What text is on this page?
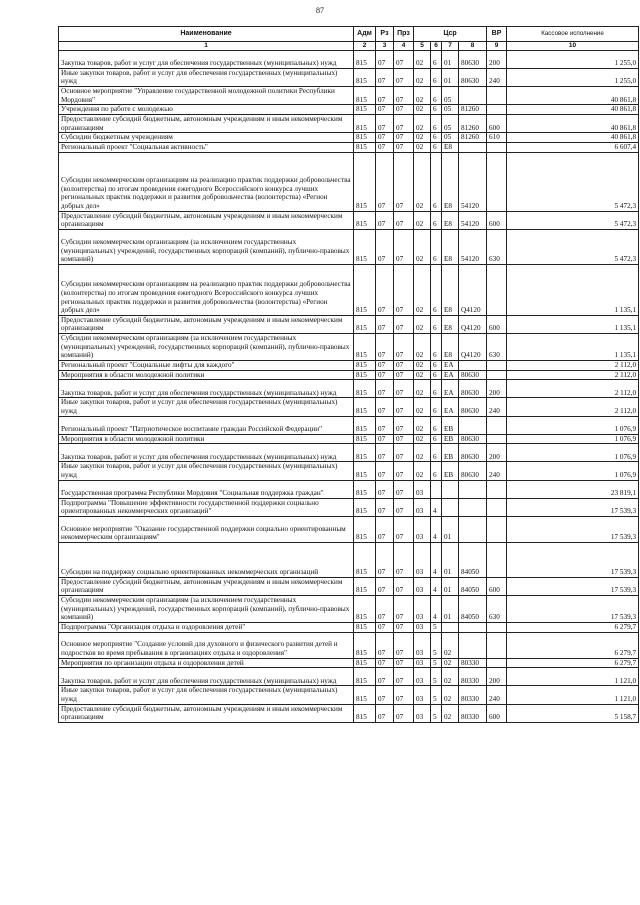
87
Наименование	Адм	Рз	Прз	Цср				ВР	Кассовое исполнение
1	2	3	4	5	6	7	8	9	10
Закупка товаров, работ и услуг для обеспечения государственных (муниципальных) нужд	815	07	07	02	6	01	80630	200	1 255,0
Иные закупки товаров, работ и услуг для обеспечения государственных (муниципальных) нужд	815	07	07	02	6	01	80630	240	1 255,0
Основное мероприятие "Управление государственной молодежной политики Республики Мордовия"	815	07	07	02	6	05			40 861,8
Учреждения по работе с молодежью	815	07	07	02	6	05	81260		40 861,8
Предоставление субсидий бюджетным, автономным учреждениям и иным некоммерческим организациям	815	07	07	02	6	05	81260	600	40 861,8
Субсидии бюджетным учреждениям	815	07	07	02	6	05	81260	610	40 861,8
Региональный проект "Социальная активность"	815	07	07	02	6	E8			6 607,4
Субсидии некоммерческим организациям на реализацию практик поддержки добровольчества (волонтерства) по итогам проведения ежегодного Всероссийского конкурса лучших региональных практик поддержки и развития добровольчества (волонтерства) «Регион добрых дел»	815	07	07	02	6	E8	54120		5 472,3
Предоставление субсидий бюджетным, автономным учреждениям и иным некоммерческим организациям	815	07	07	02	6	E8	54120	600	5 472,3
Субсидии некоммерческим организациям (за исключением государственных (муниципальных) учреждений, государственных корпораций (компаний), публично-правовых компаний)	815	07	07	02	6	E8	54120	630	5 472,3
Субсидии некоммерческим организациям на реализацию практик поддержки добровольчества (волонтерства) по итогам проведения ежегодного Всероссийского конкурса лучших региональных практик поддержки и развития добровольчества (волонтерства) «Регион добрых дел»	815	07	07	02	6	E8	Q4120		1 135,1
Предоставление субсидий бюджетным, автономным учреждениям и иным некоммерческим организациям	815	07	07	02	6	E8	Q4120	600	1 135,1
Субсидии некоммерческим организациям (за исключением государственных (муниципальных) учреждений, государственных корпораций (компаний), публично-правовых компаний)	815	07	07	02	6	E8	Q4120	630	1 135,1
Региональный проект "Социальные лифты для каждого"	815	07	07	02	6	EA			2 112,0
Мероприятия в области молодежной политики	815	07	07	02	6	EA	80630		2 112,0
Закупка товаров, работ и услуг для обеспечения государственных (муниципальных) нужд	815	07	07	02	6	EA	80630	200	2 112,0
Иные закупки товаров, работ и услуг для обеспечения государственных (муниципальных) нужд	815	07	07	02	6	EA	80630	240	2 112,0
Региональный проект "Патриотическое воспитание граждан Российской Федерации"	815	07	07	02	6	EB			1 076,9
Мероприятия в области молодежной политики	815	07	07	02	6	EB	80630		1 076,9
Закупка товаров, работ и услуг для обеспечения государственных (муниципальных) нужд	815	07	07	02	6	EB	80630	200	1 076,9
Иные закупки товаров, работ и услуг для обеспечения государственных (муниципальных) нужд	815	07	07	02	6	EB	80630	240	1 076,9
Государственная программа Республики Мордовия "Социальная поддержка граждан"	815	07	07	03					23 819,1
Подпрограмма "Повышение эффективности государственной поддержки социально ориентированных некоммерческих организаций"	815	07	07	03	4				17 539,3
Основное мероприятие "Оказание государственной поддержки социально ориентированным некоммерческим организациям"	815	07	07	03	4	01			17 539,3
Субсидии на поддержку социально ориентированных некоммерческих организаций	815	07	07	03	4	01	84050		17 539,3
Предоставление субсидий бюджетным, автономным учреждениям и иным некоммерческим организациям	815	07	07	03	4	01	84050	600	17 539,3
Субсидии некоммерческим организациям (за исключением государственных (муниципальных) учреждений, государственных корпораций (компаний), публично-правовых компаний)	815	07	07	03	4	01	84050	630	17 539,3
Подпрограмма "Организация отдыха и оздоровления детей"	815	07	07	03	5				6 279,7
Основное мероприятие "Создание условий для духовного и физического развития детей и подростков во время пребывания в организациях отдыха и оздоровления"	815	07	07	03	5	02			6 279,7
Мероприятия по организации отдыха и оздоровления детей	815	07	07	03	5	02	80330		6 279,7
Закупка товаров, работ и услуг для обеспечения государственных (муниципальных) нужд	815	07	07	03	5	02	80330	200	1 121,0
Иные закупки товаров, работ и услуг для обеспечения государственных (муниципальных) нужд	815	07	07	03	5	02	80330	240	1 121,0
Предоставление субсидий бюджетным, автономным учреждениям и иным некоммерческим организациям	815	07	07	03	5	02	80330	600	5 158,7
